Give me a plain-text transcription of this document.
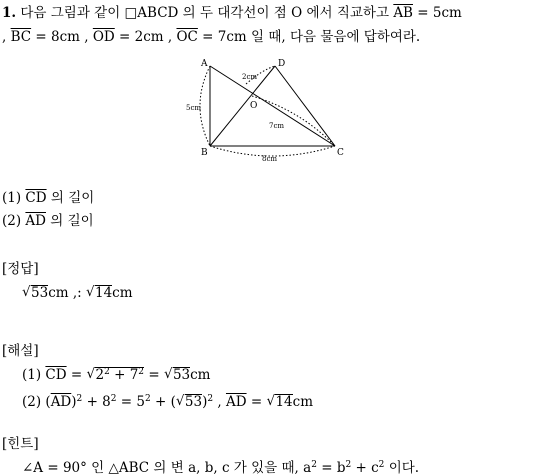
1. 다음 그림과 같이 □ABCD 의 두 대각선이 점 O 에서 직교하고 $\overline{AB} = 5cm$
, $\overline{BC} = 8cm$ , $\overline{OD} = 2cm$ , $\overline{OC} = 7cm$ 일 때, 다음 물음에 답하여라.
A	D
B	C
O
5cm
2cm
7cm
8cm
(1) $\overline{CD}$ 의 길이
(2) $\overline{AD}$ 의 길이
[정답]
√ 53cm ,: √ 14cm
[해설]
(1) $\overline{CD}$ = √ $2^2 + 7^2$ = √ 53cm
(2) $(\overline{AD})^2 + 8^2 = 5^2$ + ( √ 53)$^2$ , $\overline{AD}$ = √ 14cm
[힌트]
∠A = 90° 인 △ABC 의 변 a, b, c 가 있을 때, $a^2 = b^2 + c^2$ 이다.
